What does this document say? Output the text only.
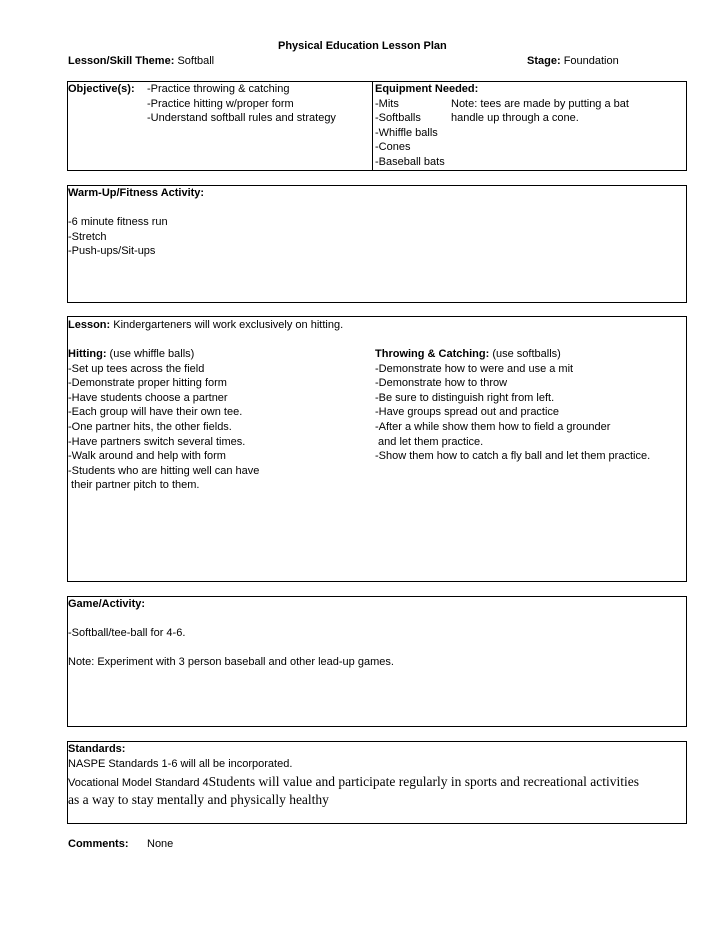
Physical Education Lesson Plan
Lesson/Skill Theme: Softball	Stage: Foundation
Objective(s): -Practice throwing & catching
-Practice hitting w/proper form
-Understand softball rules and strategy
Equipment Needed:
-Mits
-Softballs
-Whiffle balls
-Cones
-Baseball bats
Note: tees are made by putting a bat
handle up through a cone.
Warm-Up/Fitness Activity:
-6 minute fitness run
-Stretch
-Push-ups/Sit-ups
Lesson: Kindergarteners will work exclusively on hitting.
Hitting: (use whiffle balls)
-Set up tees across the field
-Demonstrate proper hitting form
-Have students choose a partner
-Each group will have their own tee.
-One partner hits, the other fields.
-Have partners switch several times.
-Walk around and help with form
-Students who are hitting well can have
their partner pitch to them.
Throwing & Catching: (use softballs)
-Demonstrate how to were and use a mit
-Demonstrate how to throw
-Be sure to distinguish right from left.
-Have groups spread out and practice
-After a while show them how to field a grounder
and let them practice.
-Show them how to catch a fly ball and let them practice.
Game/Activity:
-Softball/tee-ball for 4-6.
Note: Experiment with 3 person baseball and other lead-up games.
Standards:
NASPE Standards 1-6 will all be incorporated.
Vocational Model Standard 4Students will value and participate regularly in sports and recreational activities
as a way to stay mentally and physically healthy
Comments: None
